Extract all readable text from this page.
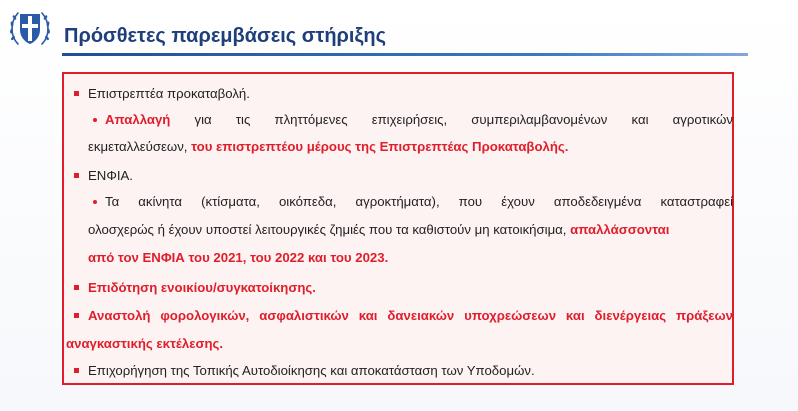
Πρόσθετες παρεμβάσεις στήριξης
Επιστρεπτέα προκαταβολή.
Απαλλαγή για τις πληττόμενες επιχειρήσεις, συμπεριλαμβανομένων και αγροτικών
εκμεταλλεύσεων, του επιστρεπτέου μέρους της Επιστρεπτέας Προκαταβολής.
ΕΝΦΙΑ.
Τα ακίνητα (κτίσματα, οικόπεδα, αγροκτήματα), που έχουν αποδεδειγμένα καταστραφεί
ολοσχερώς ή έχουν υποστεί λειτουργικές ζημιές που τα καθιστούν μη κατοικήσιμα, απαλλάσσονται
από τον ΕΝΦΙΑ του 2021, του 2022 και του 2023.
Επιδότηση ενοικίου/συγκατοίκησης.
Αναστολή φορολογικών, ασφαλιστικών και δανειακών υποχρεώσεων και διενέργειας πράξεων
αναγκαστικής εκτέλεσης.
Επιχορήγηση της Τοπικής Αυτοδιοίκησης και αποκατάσταση των Υποδομών.
